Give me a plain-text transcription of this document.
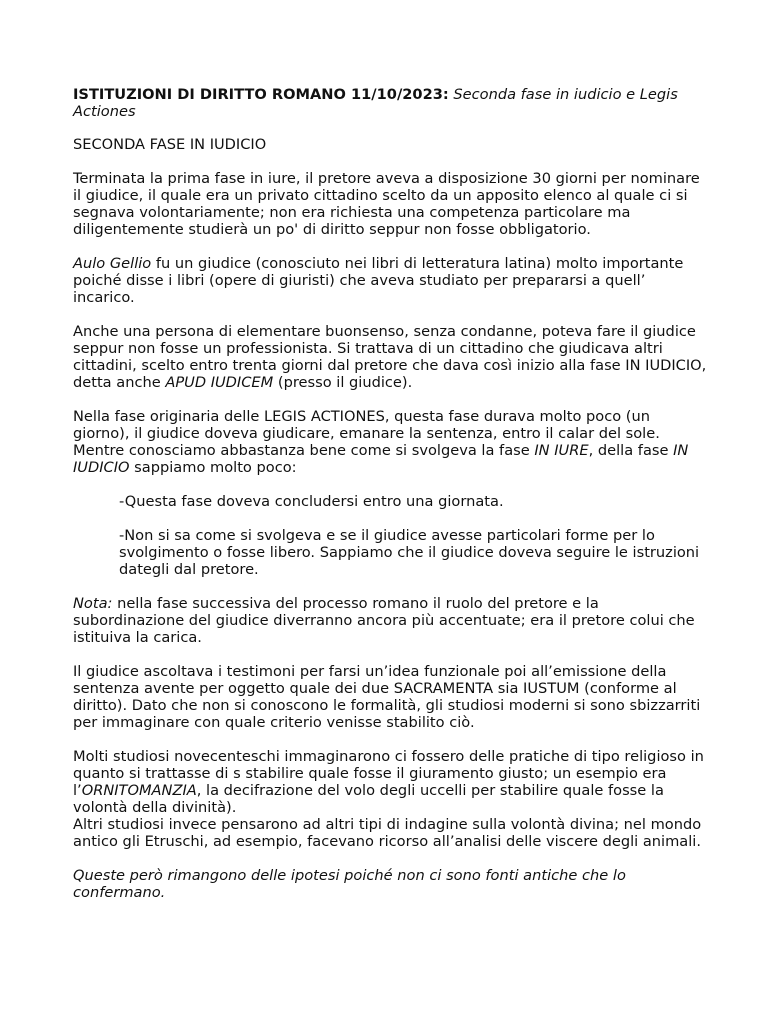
ISTITUZIONI DI DIRITTO ROMANO 11/10/2023: Seconda fase in iudicio e Legis Actiones

SECONDA FASE IN IUDICIO

Terminata la prima fase in iure, il pretore aveva a disposizione 30 giorni per nominare il giudice, il quale era un privato cittadino scelto da un apposito elenco al quale ci si segnava volontariamente; non era richiesta una competenza particolare ma diligentemente studierà un po' di diritto seppur non fosse obbligatorio.

Aulo Gellio fu un giudice (conosciuto nei libri di letteratura latina) molto importante poiché disse i libri (opere di giuristi) che aveva studiato per prepararsi a quell’ incarico.

Anche una persona di elementare buonsenso, senza condanne, poteva fare il giudice seppur non fosse un professionista. Si trattava di un cittadino che giudicava altri cittadini, scelto entro trenta giorni dal pretore che dava così inizio alla fase IN IUDICIO, detta anche APUD IUDICEM (presso il giudice).

Nella fase originaria delle LEGIS ACTIONES, questa fase durava molto poco (un giorno), il giudice doveva giudicare, emanare la sentenza, entro il calar del sole. Mentre conosciamo abbastanza bene come si svolgeva la fase IN IURE, della fase IN IUDICIO sappiamo molto poco:

-Questa fase doveva concludersi entro una giornata.

-Non si sa come si svolgeva e se il giudice avesse particolari forme per lo svolgimento o fosse libero. Sappiamo che il giudice doveva seguire le istruzioni dategli dal pretore.

Nota: nella fase successiva del processo romano il ruolo del pretore e la subordinazione del giudice diverranno ancora più accentuate; era il pretore colui che istituiva la carica.

Il giudice ascoltava i testimoni per farsi un’idea funzionale poi all’emissione della sentenza avente per oggetto quale dei due SACRAMENTA sia IUSTUM (conforme al diritto). Dato che non si conoscono le formalità, gli studiosi moderni si sono sbizzarriti per immaginare con quale criterio venisse stabilito ciò.

Molti studiosi novecenteschi immaginarono ci fossero delle pratiche di tipo religioso in quanto si trattasse di s stabilire quale fosse il giuramento giusto; un esempio era l’ORNITOMANZIA, la decifrazione del volo degli uccelli per stabilire quale fosse la volontà della divinità).

Altri studiosi invece pensarono ad altri tipi di indagine sulla volontà divina; nel mondo antico gli Etruschi, ad esempio, facevano ricorso all’analisi delle viscere degli animali.

Queste però rimangono delle ipotesi poiché non ci sono fonti antiche che lo confermano.
